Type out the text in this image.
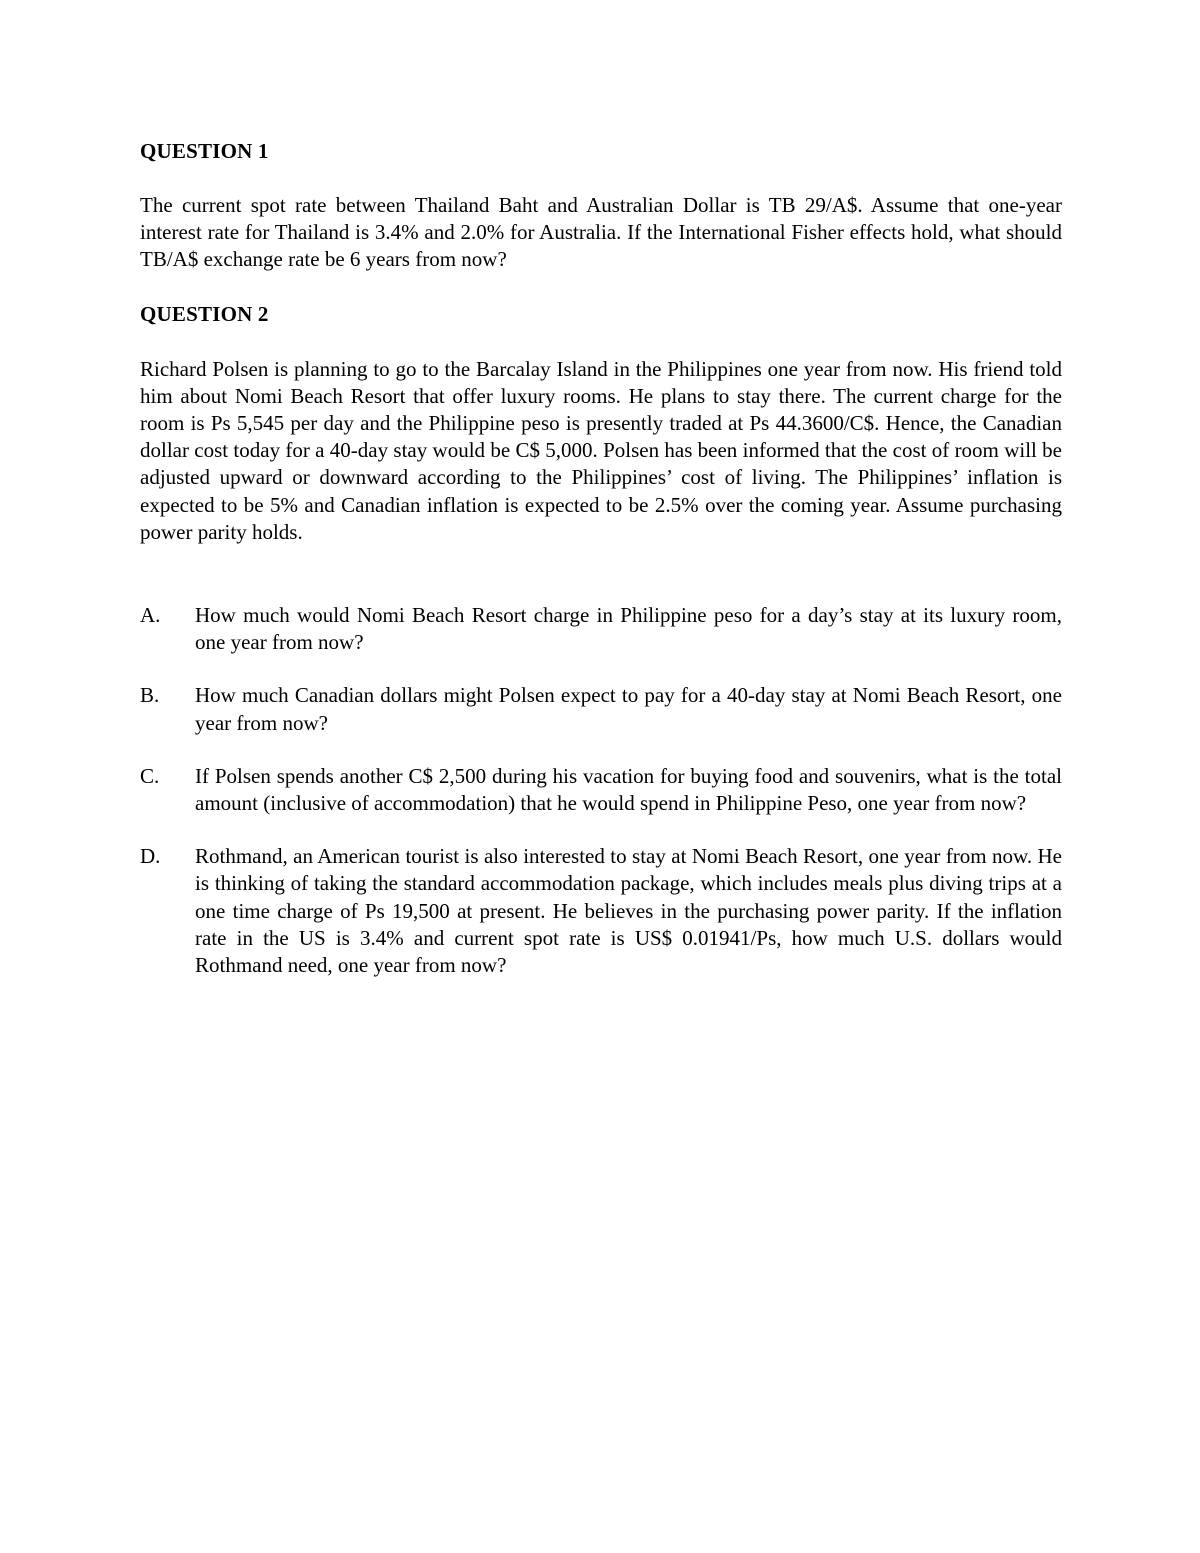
QUESTION 1

The current spot rate between Thailand Baht and Australian Dollar is TB 29/A$. Assume that one-year interest rate for Thailand is 3.4% and 2.0% for Australia. If the International Fisher effects hold, what should TB/A$ exchange rate be 6 years from now?

QUESTION 2

Richard Polsen is planning to go to the Barcalay Island in the Philippines one year from now. His friend told him about Nomi Beach Resort that offer luxury rooms. He plans to stay there. The current charge for the room is Ps 5,545 per day and the Philippine peso is presently traded at Ps 44.3600/C$. Hence, the Canadian dollar cost today for a 40-day stay would be C$ 5,000. Polsen has been informed that the cost of room will be adjusted upward or downward according to the Philippines’ cost of living. The Philippines’ inflation is expected to be 5% and Canadian inflation is expected to be 2.5% over the coming year. Assume purchasing power parity holds.

A.	How much would Nomi Beach Resort charge in Philippine peso for a day’s stay at its luxury room, one year from now?
B.	How much Canadian dollars might Polsen expect to pay for a 40-day stay at Nomi Beach Resort, one year from now?
C.	If Polsen spends another C$ 2,500 during his vacation for buying food and souvenirs, what is the total amount (inclusive of accommodation) that he would spend in Philippine Peso, one year from now?
D.	Rothmand, an American tourist is also interested to stay at Nomi Beach Resort, one year from now. He is thinking of taking the standard accommodation package, which includes meals plus diving trips at a one time charge of Ps 19,500 at present. He believes in the purchasing power parity. If the inflation rate in the US is 3.4% and current spot rate is US$ 0.01941/Ps, how much U.S. dollars would Rothmand need, one year from now?
